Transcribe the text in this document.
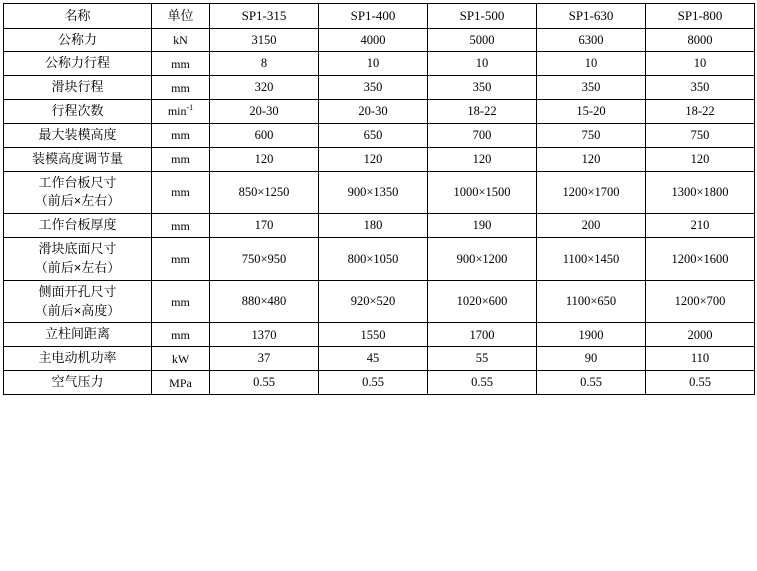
名称	单位	SP1-315	SP1-400	SP1-500	SP1-630	SP1-800

公称力	kN	3150	4000	5000	6300	8000

公称力行程	mm	8	10	10	10	10

滑块行程	mm	320	350	350	350	350

行程次数	$\min^{-1}$	20-30	20-30	18-22	15-20	18-22

最大装模高度	mm	600	650	700	750	750

装模高度调节量	mm	120	120	120	120	120

工作台板尺寸
（前后×左右）	mm	850×1250	900×1350	1000×1500	1200×1700	1300×1800

工作台板厚度	mm	170	180	190	200	210

滑块底面尺寸
（前后×左右）	mm	750×950	800×1050	900×1200	1100×1450	1200×1600

侧面开孔尺寸
（前后×高度）	mm	880×480	920×520	1020×600	1100×650	1200×700

立柱间距离	mm	1370	1550	1700	1900	2000

主电动机功率	kW	37	45	55	90	110

空气压力	MPa	0.55	0.55	0.55	0.55	0.55
